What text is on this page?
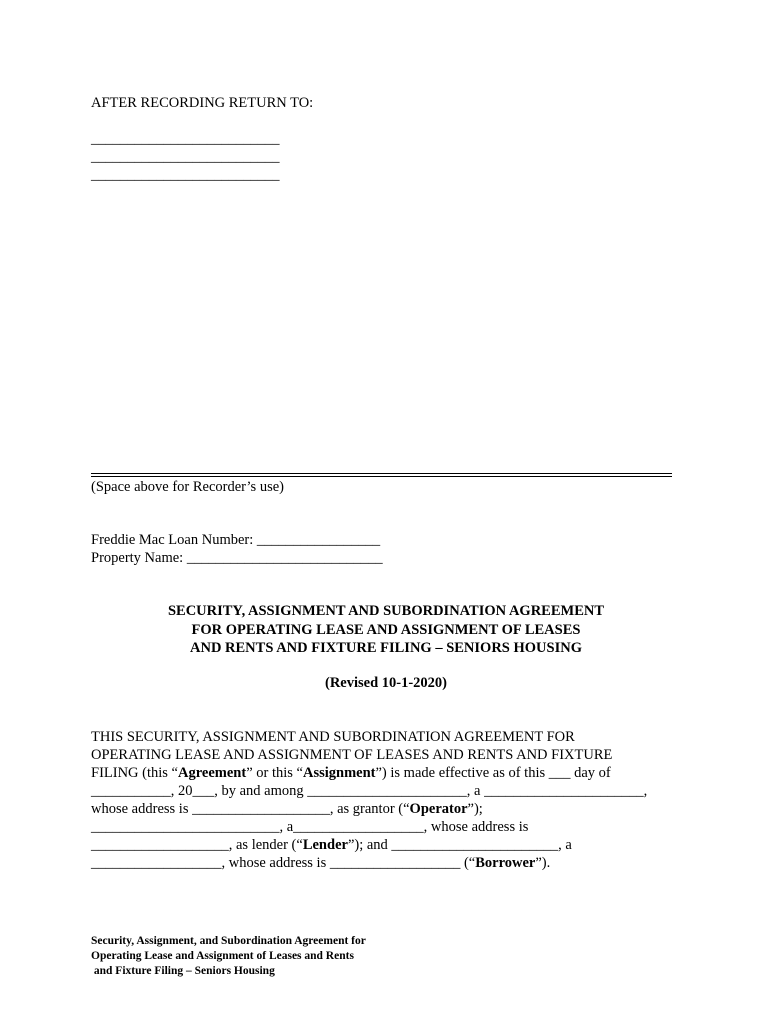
AFTER RECORDING RETURN TO:
__________________________
__________________________
__________________________
(Space above for Recorder’s use)
Freddie Mac Loan Number: _________________
Property Name: ___________________________
SECURITY, ASSIGNMENT AND SUBORDINATION AGREEMENT
FOR OPERATING LEASE AND ASSIGNMENT OF LEASES
AND RENTS AND FIXTURE FILING – SENIORS HOUSING
(Revised 10-1-2020)
THIS SECURITY, ASSIGNMENT AND SUBORDINATION AGREEMENT FOR
OPERATING LEASE AND ASSIGNMENT OF LEASES AND RENTS AND FIXTURE
FILING (this “Agreement” or this “Assignment”) is made effective as of this ___ day of
___________, 20___, by and among ______________________, a ______________________,
whose address is ___________________, as grantor (“Operator”);
__________________________, a__________________, whose address is
___________________, as lender (“Lender”); and _______________________, a
__________________, whose address is __________________ (“Borrower”).
Security, Assignment, and Subordination Agreement for
Operating Lease and Assignment of Leases and Rents
and Fixture Filing – Seniors Housing
